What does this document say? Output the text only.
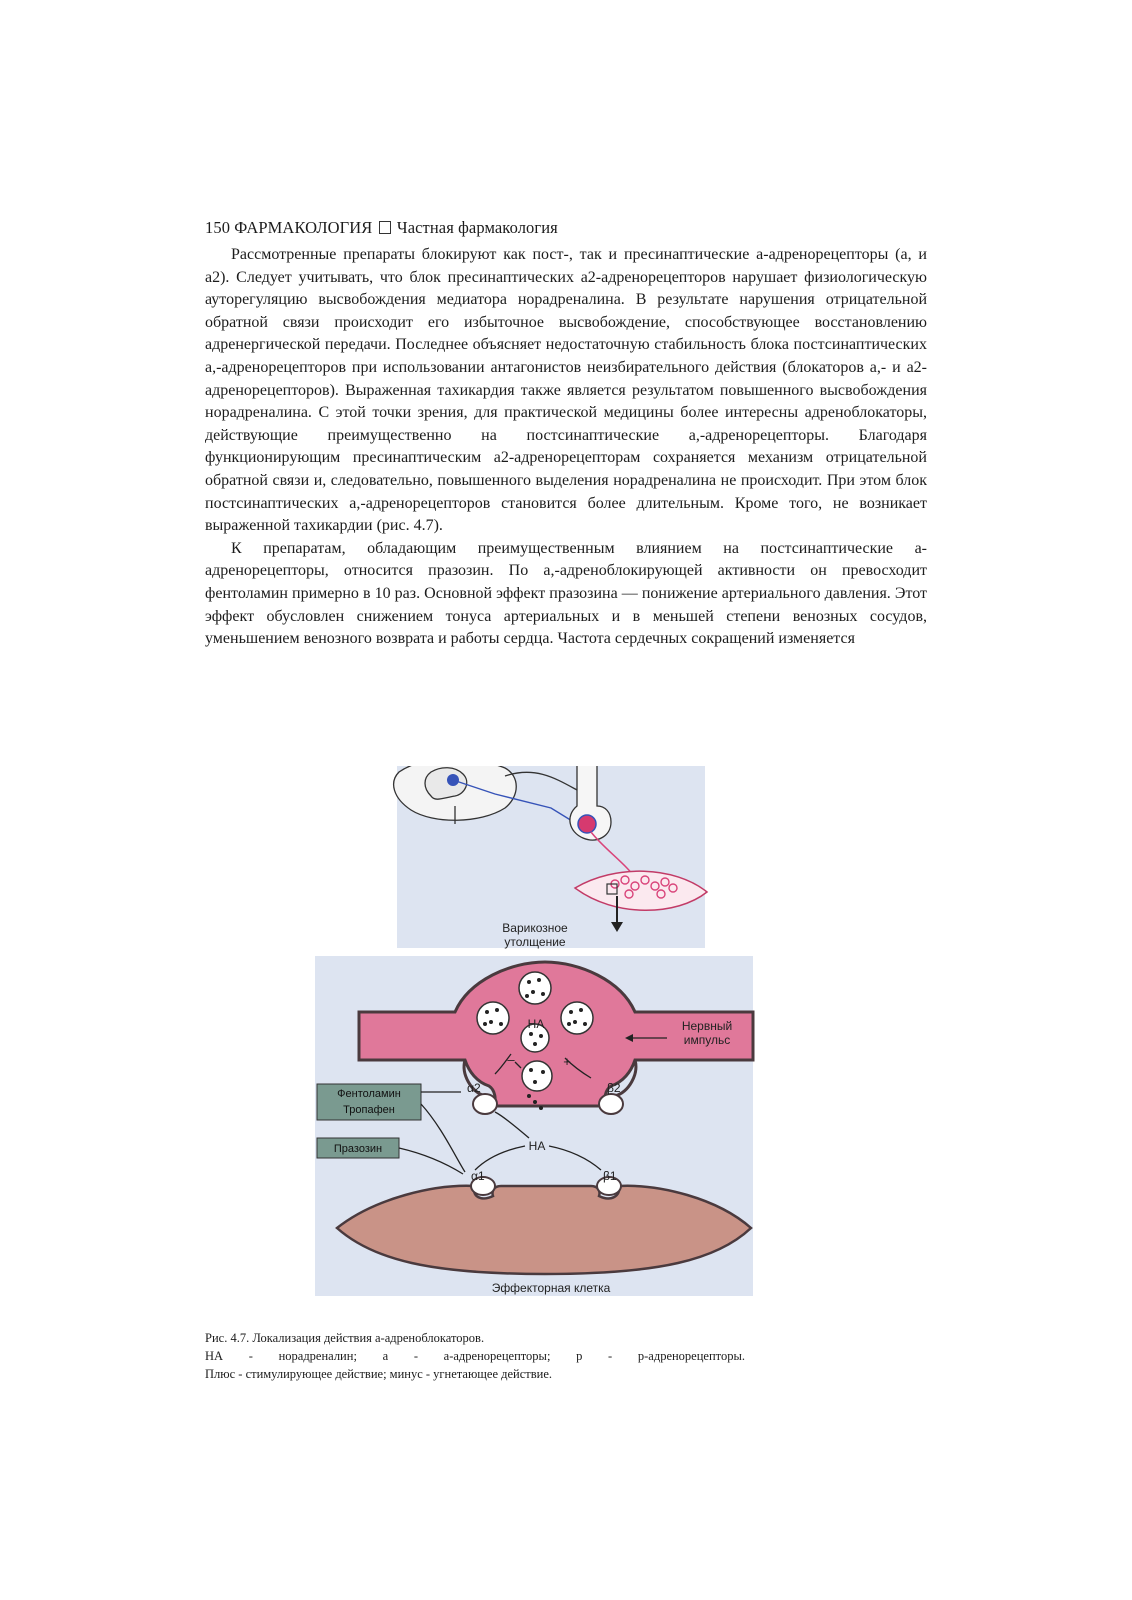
150 ФАРМАКОЛОГИЯ Частная фармакология

Рассмотренные препараты блокируют как пост-, так и пресинаптические а-адренорецепторы (а, и а2). Следует учитывать, что блок пресинаптических а2-адренорецепторов нарушает физиологическую ауторегуляцию высвобождения медиатора норадреналина. В результате нарушения отрицательной обратной связи происходит его избыточное высвобождение, способствующее восстановлению адренергической передачи. Последнее объясняет недостаточную стабильность блока постсинаптических а,-адренорецепторов при использовании антагонистов неизбирательного действия (блокаторов а,- и а2-адренорецепторов). Выраженная тахикардия также является результатом повышенного высвобождения норадреналина. С этой точки зрения, для практической медицины более интересны адреноблокаторы, действующие преимущественно на постсинаптические а,-адренорецепторы. Благодаря функционирующим пресинаптическим а2-адренорецепторам сохраняется механизм отрицательной обратной связи и, следовательно, повышенного выделения норадреналина не происходит. При этом блок постсинаптических а,-адренорецепторов становится более длительным. Кроме того, не возникает выраженной тахикардии (рис. 4.7).

К препаратам, обладающим преимущественным влиянием на постсинаптические а-адренорецепторы, относится празозин. По а,-адреноблокирующей активности он превосходит фентоламин примерно в 10 раз. Основной эффект празозина — понижение артериального давления. Этот эффект обусловлен снижением тонуса артериальных и в меньшей степени венозных сосудов, уменьшением венозного возврата и работы сердца. Частота сердечных сокращений изменяется

Варикозное
утолщение
НА
–	+
α2	β2
Нервный
импульс
НА
Фентоламин
Тропафен
Празозин
α1	β1
Эффекторная клетка
Рис. 4.7. Локализация действия а-адреноблокаторов.
НА - норадреналин; а - а-адренорецепторы; р - р-адренорецепторы.
Плюс - стимулирующее действие; минус - угнетающее действие.
